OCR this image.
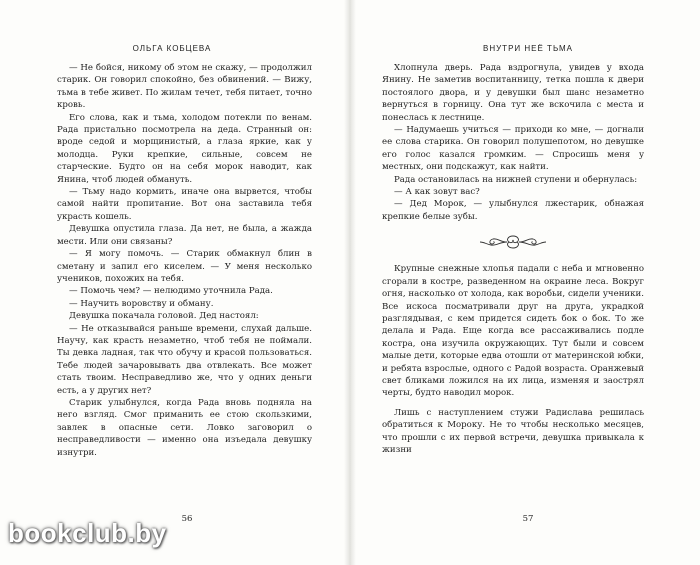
ОЛЬГА КОБЦЕВА

— Не бойся, никому об этом не скажу, — продолжил старик. Он говорил спокойно, без обвинений. — Вижу, тьма в тебе живет. По жилам течет, тебя питает, точно кровь.

Его слова, как и тьма, холодом потекли по венам. Рада пристально посмотрела на деда. Странный он: вроде седой и морщинистый, а глаза яркие, как у молодца. Руки крепкие, сильные, совсем не старческие. Будто он на себя морок наводит, как Янина, чтоб людей обмануть.

— Тьму надо кормить, иначе она вырвется, чтобы самой найти пропитание. Вот она заставила тебя украсть кошель.

Девушка опустила глаза. Да нет, не была, а жажда мести. Или они связаны?

— Я могу помочь. — Старик обмакнул блин в сметану и запил его киселем. — У меня несколько учеников, похожих на тебя.

— Помочь чем? — нелюдимо уточнила Рада.

— Научить воровству и обману.

Девушка покачала головой. Дед настоял:

— Не отказывайся раньше времени, слухай дальше. Научу, как красть незаметно, чтоб тебя не поймали. Ты девка ладная, так что обучу и красой пользоваться. Тебе людей зачаровывать два отвлекать. Все может стать твоим. Несправедливо же, что у одних деньги есть, а у других нет?

Старик улыбнулся, когда Рада вновь подняла на него взгляд. Смог приманить ее стою скользкими, завлек в опасные сети. Ловко заговорил о несправедливости — именно она изъедала девушку изнутри.

56
ВНУТРИ НЕЁ ТЬМА

Хлопнула дверь. Рада вздрогнула, увидев у входа Янину. Не заметив воспитанницу, тетка пошла к двери постоялого двора, и у девушки был шанс незаметно вернуться в горницу. Она тут же вскочила с места и понеслась к лестнице.

— Надумаешь учиться — приходи ко мне, — догнали ее слова старика. Он говорил полушепотом, но девушке его голос казался громким. — Спросишь меня у местных, они подскажут, как найти.

Рада остановилась на нижней ступени и обернулась:

— А как зовут вас?

— Дед Морок, — улыбнулся лжестарик, обнажая крепкие белые зубы.

Крупные снежные хлопья падали с неба и мгновенно сгорали в костре, разведенном на окраине леса. Вокруг огня, насколько от холода, как воробьи, сидели ученики. Все искоса посматривали друг на друга, украдкой разглядывая, с кем придется сидеть бок о бок. То же делала и Рада. Еще когда все рассаживались подле костра, она изучила окружающих. Тут были и совсем малые дети, которые едва отошли от материнской юбки, и ребята взрослые, одного с Радой возраста. Оранжевый свет бликами ложился на их лица, изменяя и заострял черты, будто наводил морок.

Лишь с наступлением стужи Радислава решилась обратиться к Мороку. Не то чтобы несколько месяцев, что прошли с их первой встречи, девушка привыкала к жизни

57
bookclub.by
